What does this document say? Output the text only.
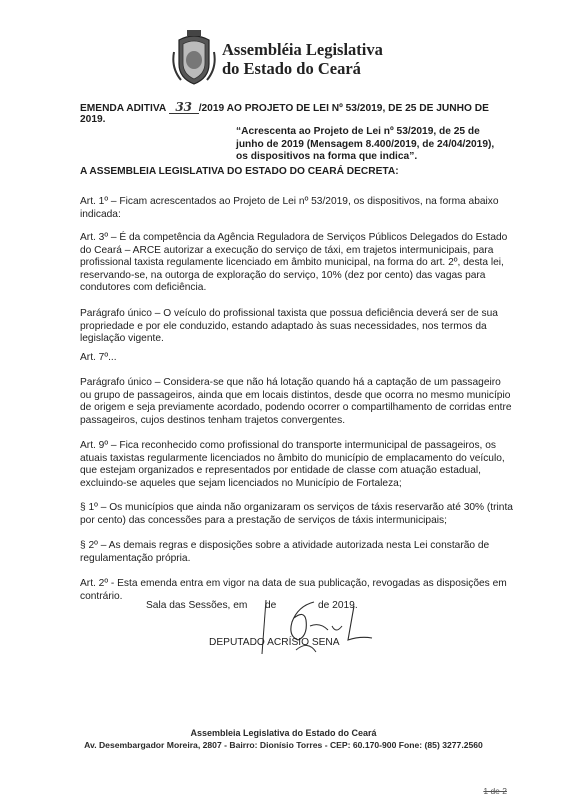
Assembléia Legislativa
do Estado do Ceará
EMENDA ADITIVA 33 /2019 AO PROJETO DE LEI Nº 53/2019, DE 25 DE JUNHO DE
2019.
“Acrescenta ao Projeto de Lei nº 53/2019, de 25 de
junho de 2019 (Mensagem 8.400/2019, de 24/04/2019),
os dispositivos na forma que indica”.
A ASSEMBLEIA LEGISLATIVA DO ESTADO DO CEARÁ DECRETA:
Art. 1º – Ficam acrescentados ao Projeto de Lei nº 53/2019, os dispositivos, na forma abaixo
indicada:
Art. 3º – É da competência da Agência Reguladora de Serviços Públicos Delegados do Estado
do Ceará – ARCE autorizar a execução do serviço de táxi, em trajetos intermunicipais, para
profissional taxista regulamente licenciado em âmbito municipal, na forma do art. 2º, desta lei,
reservando-se, na outorga de exploração do serviço, 10% (dez por cento) das vagas para
condutores com deficiência.
Parágrafo único – O veículo do profissional taxista que possua deficiência deverá ser de sua
propriedade e por ele conduzido, estando adaptado às suas necessidades, nos termos da
legislação vigente.
Art. 7º...
Parágrafo único – Considera-se que não há lotação quando há a captação de um passageiro
ou grupo de passageiros, ainda que em locais distintos, desde que ocorra no mesmo município
de origem e seja previamente acordado, podendo ocorrer o compartilhamento de corridas entre
passageiros, cujos destinos tenham trajetos convergentes.
Art. 9º – Fica reconhecido como profissional do transporte intermunicipal de passageiros, os
atuais taxistas regularmente licenciados no âmbito do município de emplacamento do veículo,
que estejam organizados e representados por entidade de classe com atuação estadual,
excluindo-se aqueles que sejam licenciados no Município de Fortaleza;
§ 1º – Os municípios que ainda não organizaram os serviços de táxis reservarão até 30% (trinta
por cento) das concessões para a prestação de serviços de táxis intermunicipais;
§ 2º – As demais regras e disposições sobre a atividade autorizada nesta Lei constarão de
regulamentação própria.
Art. 2º - Esta emenda entra em vigor na data de sua publicação, revogadas as disposições em
contrário.
Sala das Sessões, em de	de 2019.
DEPUTADO ACRÍSIO SENA
Assembleia Legislativa do Estado do Ceará
Av. Desembargador Moreira, 2807 - Bairro: Dionísio Torres - CEP: 60.170-900 Fone: (85) 3277.2560
1 de 2
